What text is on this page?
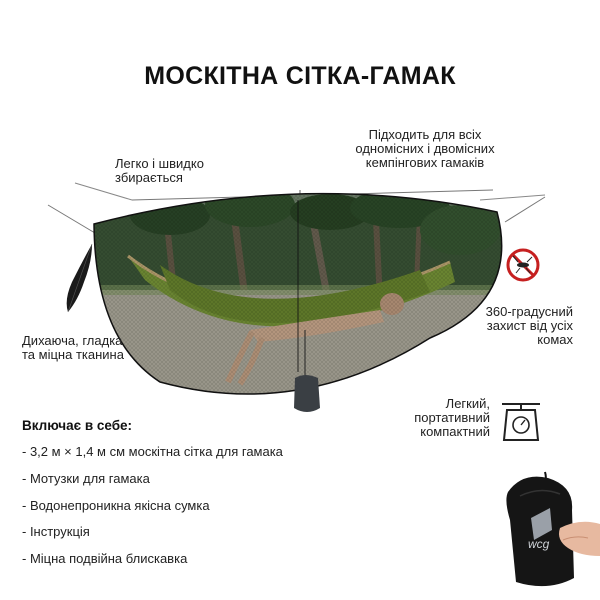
МОСКІТНА СІТКА-ГАМАК
Легко і швидко
збирається
Підходить для всіх
одномісних і двомісних
кемпінгових гамаків
Дихаюча, гладка
та міцна тканина
360-градусний
захист від усіх
комах
Легкий,
портативний
компактний
Включає в себе:
- 3,2 м × 1,4 м см москітна сітка для гамака
- Мотузки для гамака
- Водонепроникна якісна сумка
- Інструкція
- Міцна подвійна блискавка
wcg
